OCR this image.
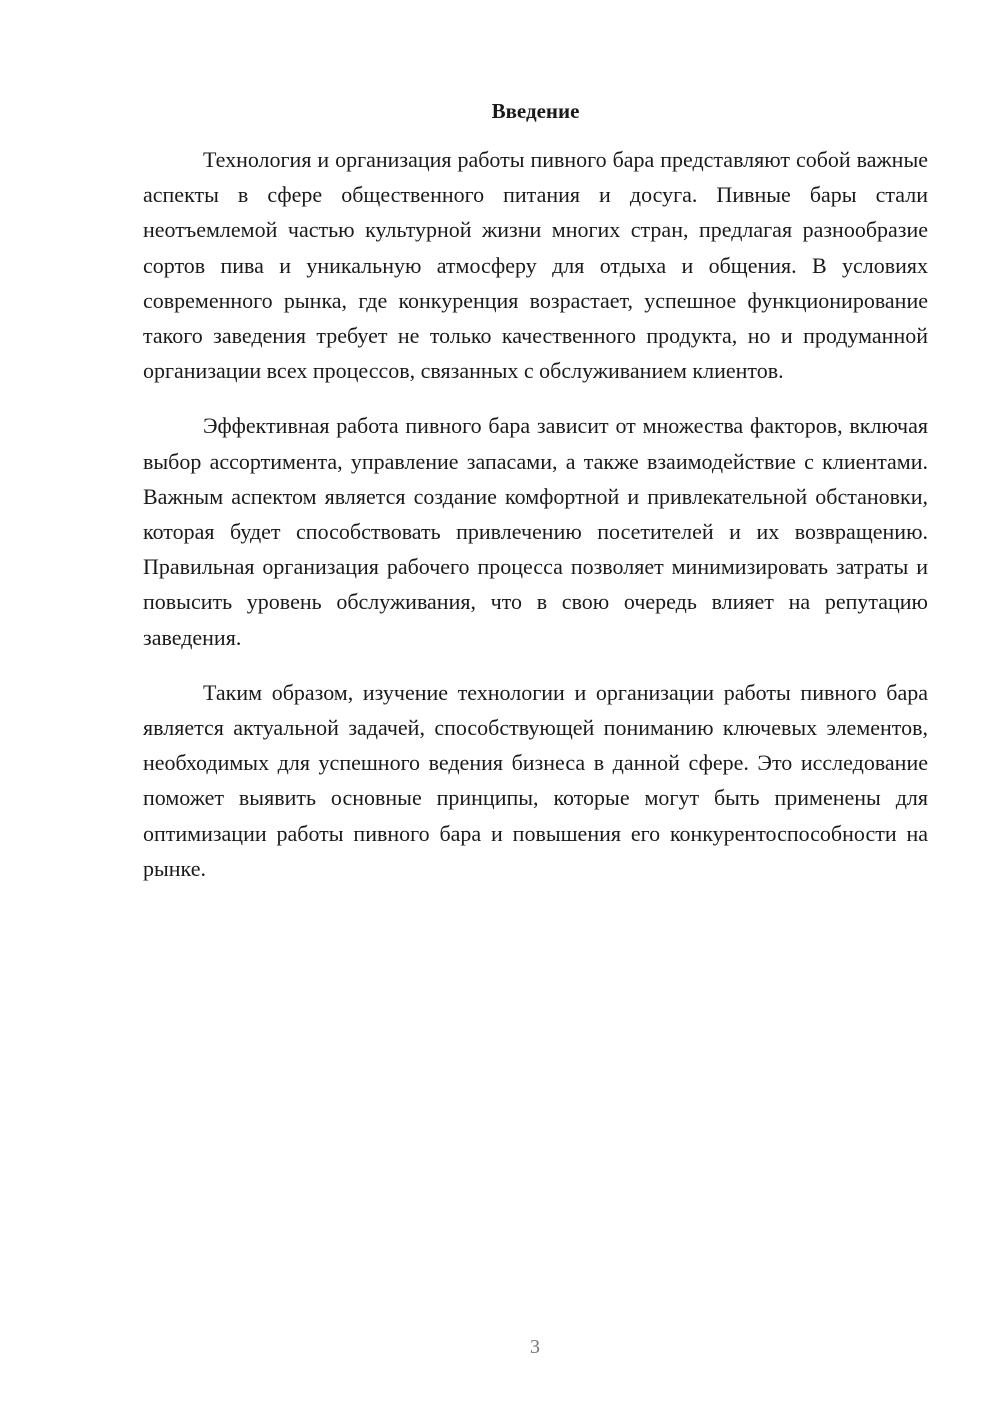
Введение

Технология и организация работы пивного бара представляют собой важные аспекты в сфере общественного питания и досуга. Пивные бары стали неотъемлемой частью культурной жизни многих стран, предлагая разнообразие сортов пива и уникальную атмосферу для отдыха и общения. В условиях современного рынка, где конкуренция возрастает, успешное функционирование такого заведения требует не только качественного продукта, но и продуманной организации всех процессов, связанных с обслуживанием клиентов.

Эффективная работа пивного бара зависит от множества факторов, включая выбор ассортимента, управление запасами, а также взаимодействие с клиентами. Важным аспектом является создание комфортной и привлекательной обстановки, которая будет способствовать привлечению посетителей и их возвращению. Правильная организация рабочего процесса позволяет минимизировать затраты и повысить уровень обслуживания, что в свою очередь влияет на репутацию заведения.

Таким образом, изучение технологии и организации работы пивного бара является актуальной задачей, способствующей пониманию ключевых элементов, необходимых для успешного ведения бизнеса в данной сфере. Это исследование поможет выявить основные принципы, которые могут быть применены для оптимизации работы пивного бара и повышения его конкурентоспособности на рынке.

3
